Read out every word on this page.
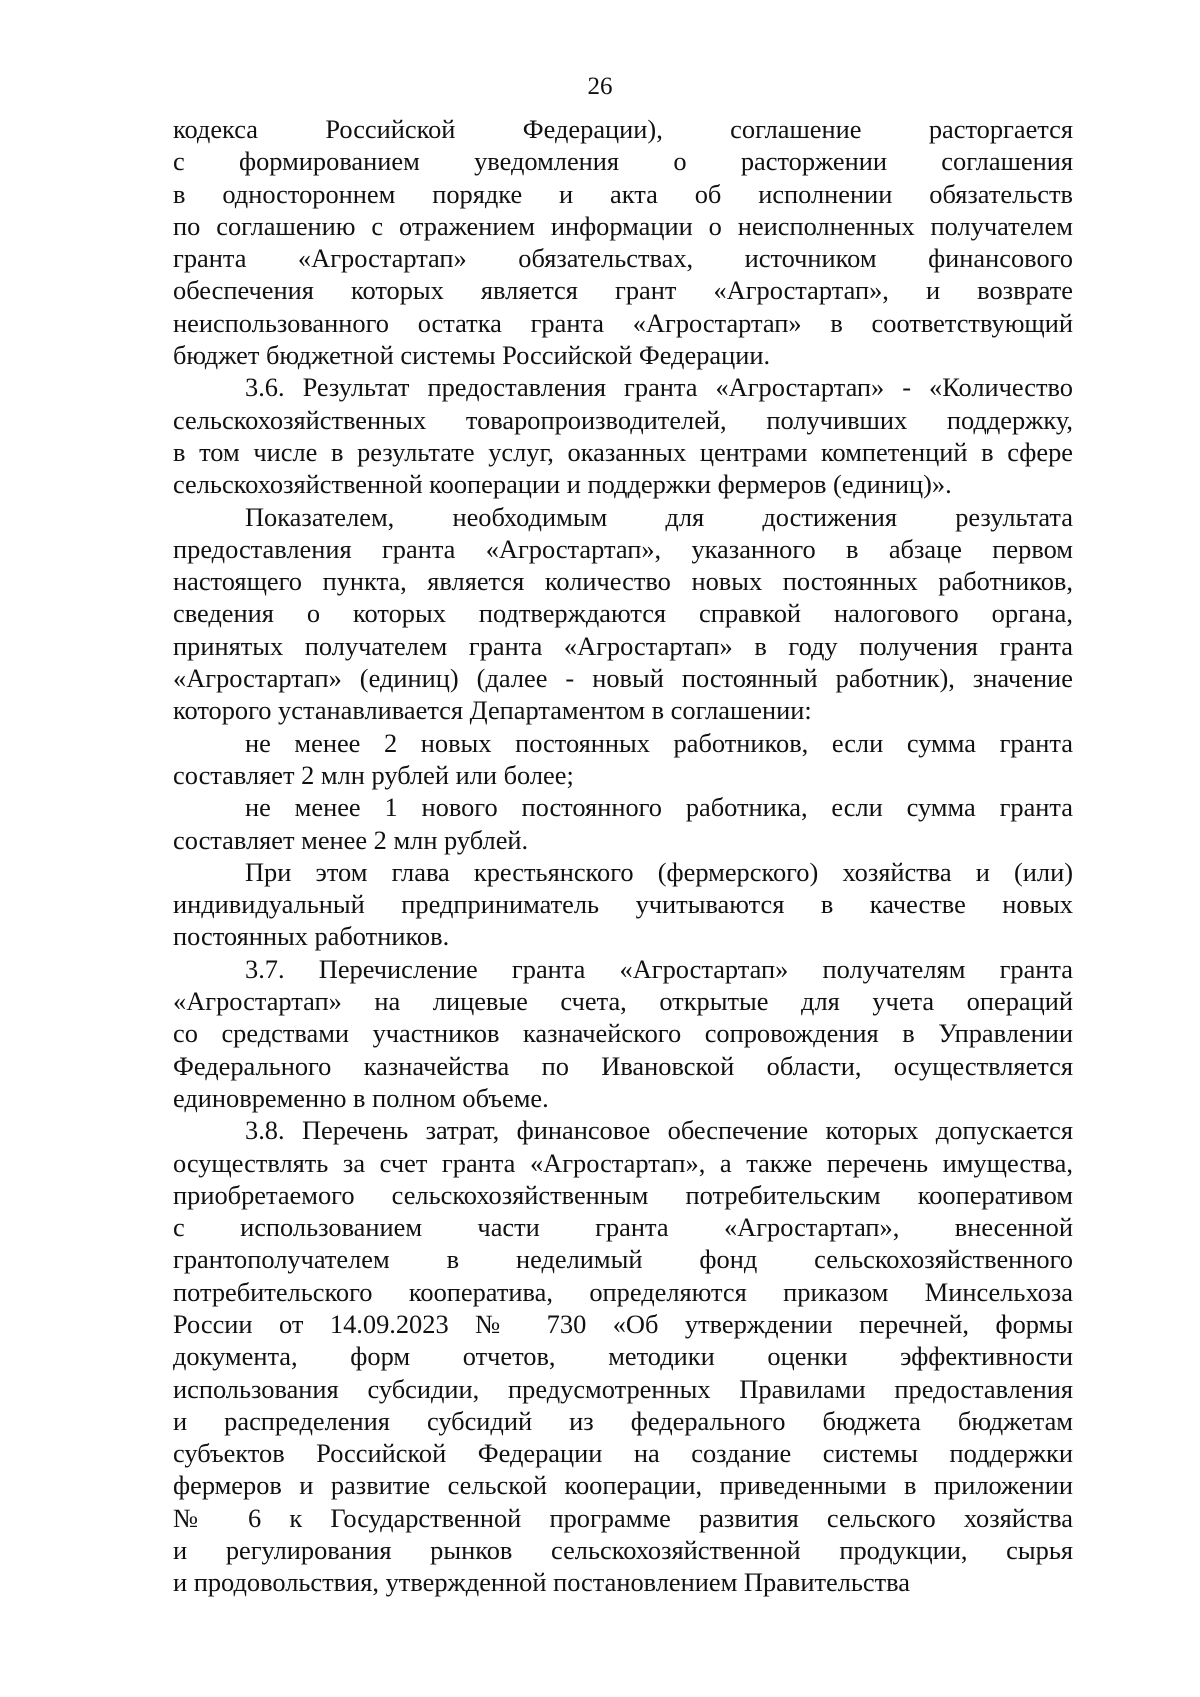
26

кодекса Российской Федерации), соглашение расторгается
с формированием уведомления о расторжении соглашения
в одностороннем порядке и акта об исполнении обязательств
по соглашению с отражением информации о неисполненных получателем
гранта «Агростартап» обязательствах, источником финансового
обеспечения которых является грант «Агростартап», и возврате
неиспользованного остатка гранта «Агростартап» в соответствующий
бюджет бюджетной системы Российской Федерации.

3.6. Результат предоставления гранта «Агростартап» - «Количество
сельскохозяйственных товаропроизводителей, получивших поддержку,
в том числе в результате услуг, оказанных центрами компетенций в сфере
сельскохозяйственной кооперации и поддержки фермеров (единиц)».

Показателем, необходимым для достижения результата
предоставления гранта «Агростартап», указанного в абзаце первом
настоящего пункта, является количество новых постоянных работников,
сведения о которых подтверждаются справкой налогового органа,
принятых получателем гранта «Агростартап» в году получения гранта
«Агростартап» (единиц) (далее - новый постоянный работник), значение
которого устанавливается Департаментом в соглашении:

не менее 2 новых постоянных работников, если сумма гранта
составляет 2 млн рублей или более;

не менее 1 нового постоянного работника, если сумма гранта
составляет менее 2 млн рублей.

При этом глава крестьянского (фермерского) хозяйства и (или)
индивидуальный предприниматель учитываются в качестве новых
постоянных работников.

3.7. Перечисление гранта «Агростартап» получателям гранта
«Агростартап» на лицевые счета, открытые для учета операций
со средствами участников казначейского сопровождения в Управлении
Федерального казначейства по Ивановской области, осуществляется
единовременно в полном объеме.

3.8. Перечень затрат, финансовое обеспечение которых допускается
осуществлять за счет гранта «Агростартап», а также перечень имущества,
приобретаемого сельскохозяйственным потребительским кооперативом
с использованием части гранта «Агростартап», внесенной
грантополучателем в неделимый фонд сельскохозяйственного
потребительского кооператива, определяются приказом Минсельхоза
России от 14.09.2023 № 730 «Об утверждении перечней, формы
документа, форм отчетов, методики оценки эффективности
использования субсидии, предусмотренных Правилами предоставления
и распределения субсидий из федерального бюджета бюджетам
субъектов Российской Федерации на создание системы поддержки
фермеров и развитие сельской кооперации, приведенными в приложении
№ 6 к Государственной программе развития сельского хозяйства
и регулирования рынков сельскохозяйственной продукции, сырья
и продовольствия, утвержденной постановлением Правительства
